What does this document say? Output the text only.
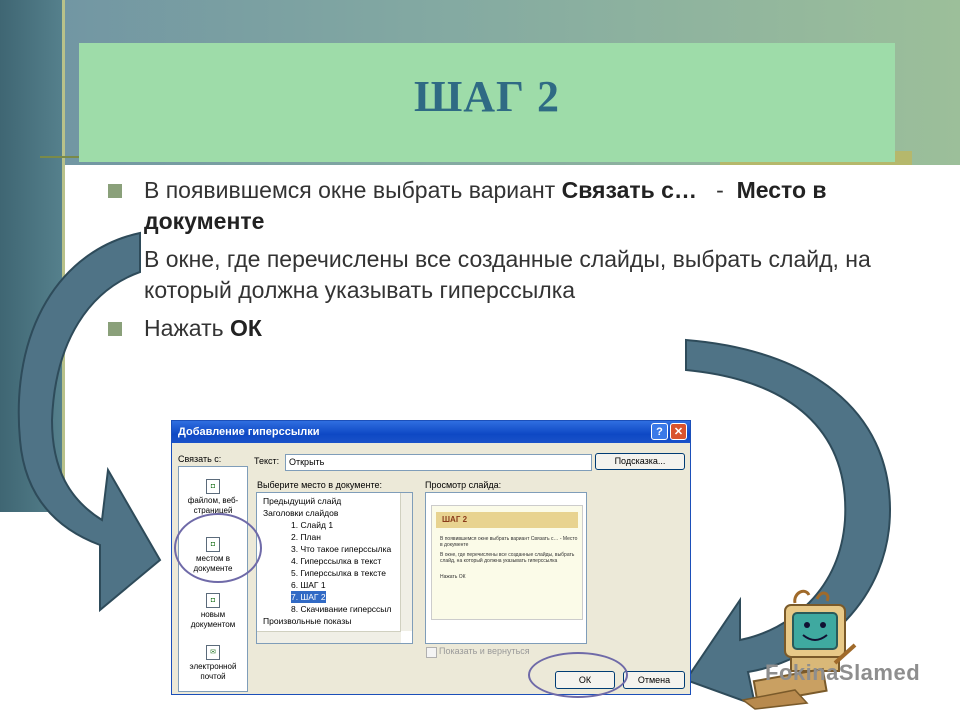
ШАГ 2
В появившемся окне выбрать вариант Связать с…   -  Место в документе
В окне, где перечислены все созданные слайды, выбрать слайд, на который должна указывать гиперссылка
Нажать ОК
Добавление гиперссылки	?	✕
Связать с:	Текст:	Открыть	Подсказка...
◘
файлом, веб-страницей
◘
местом в документе
◘
новым документом
✉
электронной почтой
Выберите место в документе:
Предыдущий слайд
Заголовки слайдов
1. Слайд 1
2. План
3. Что такое гиперссылка
4. Гиперссылка в текст
5. Гиперссылка в тексте
6. ШАГ 1
7. ШАГ 2
8. Скачивание гиперссыл
Произвольные показы
Просмотр слайда:
ШАГ 2
В появившемся окне выбрать вариант Связать с… - Место в документе
В окне, где перечислены все созданные слайды, выбрать слайд, на который должна указывать гиперссылка
Нажать ОК
Показать и вернуться
ОК	Отмена	FokinaSlamed
